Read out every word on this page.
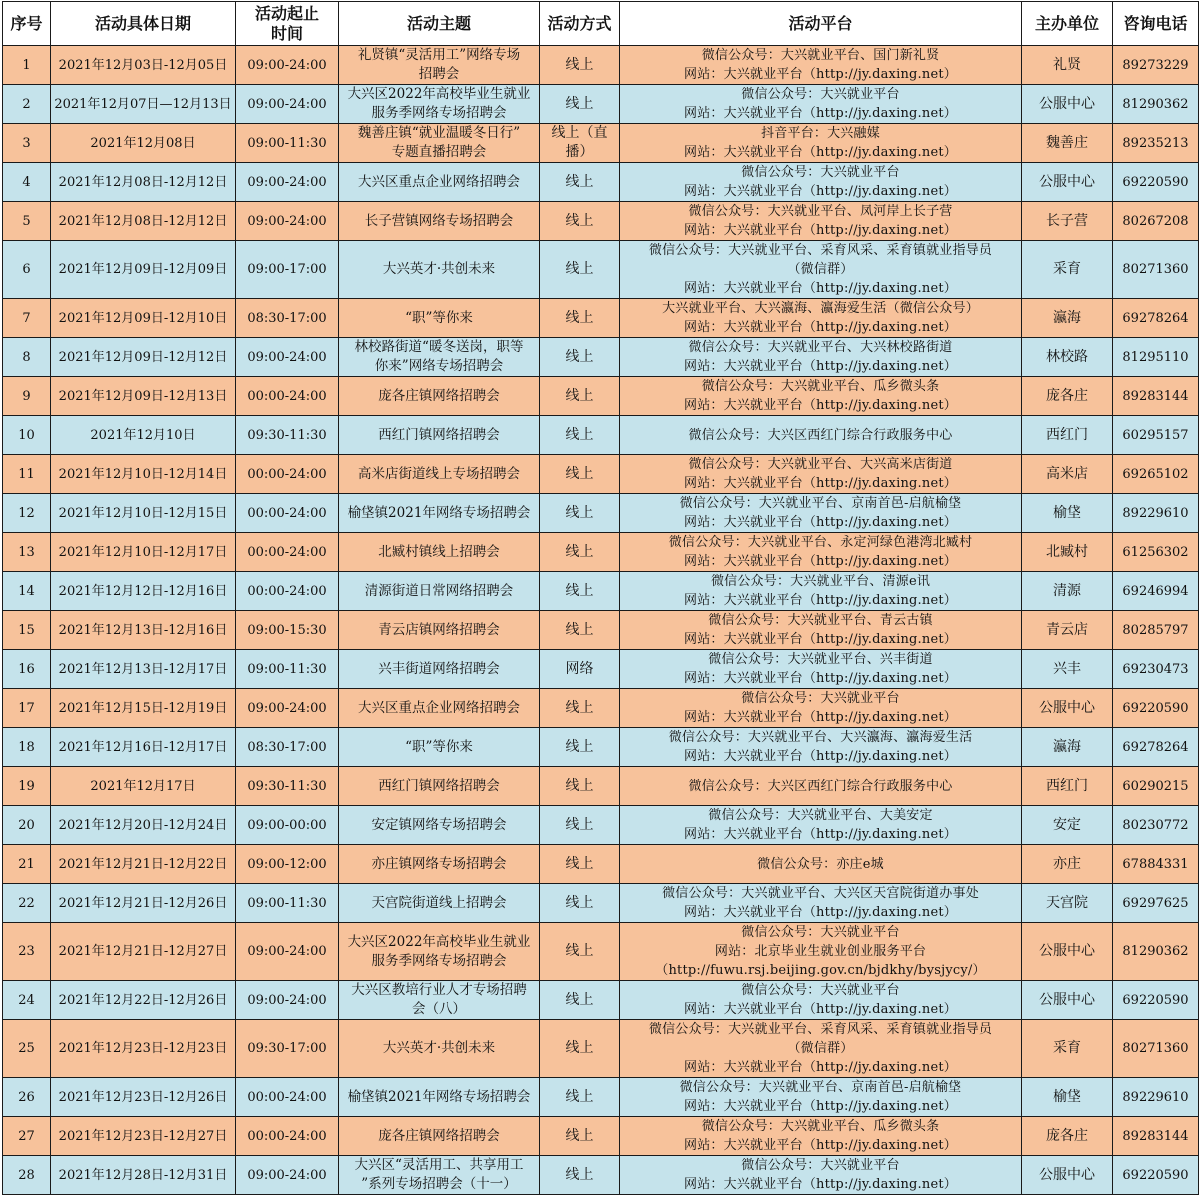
序号	活动具体日期	活动起止
时间	活动主题	活动方式	活动平台	主办单位	咨询电话
1	2021年12月03日-12月05日	09:00-24:00	礼贤镇“灵活用工”网络专场
招聘会	线上	微信公众号：大兴就业平台、国门新礼贤
网站：大兴就业平台（http://jy.daxing.net）	礼贤	89273229
2	2021年12月07日—12月13日	09:00-24:00	大兴区2022年高校毕业生就业
服务季网络专场招聘会	线上	微信公众号：大兴就业平台
网站：大兴就业平台（http://jy.daxing.net）	公服中心	81290362
3	2021年12月08日	09:00-11:30	魏善庄镇“就业温暖冬日行”
专题直播招聘会	线上（直
播）	抖音平台：大兴融媒
网站：大兴就业平台（http://jy.daxing.net）	魏善庄	89235213
4	2021年12月08日-12月12日	09:00-24:00	大兴区重点企业网络招聘会	线上	微信公众号：大兴就业平台
网站：大兴就业平台（http://jy.daxing.net）	公服中心	69220590
5	2021年12月08日-12月12日	09:00-24:00	长子营镇网络专场招聘会	线上	微信公众号：大兴就业平台、凤河岸上长子营
网站：大兴就业平台（http://jy.daxing.net）	长子营	80267208
6	2021年12月09日-12月09日	09:00-17:00	大兴英才·共创未来	线上	微信公众号：大兴就业平台、采育风采、采育镇就业指导员
（微信群）
网站：大兴就业平台（http://jy.daxing.net）	采育	80271360
7	2021年12月09日-12月10日	08:30-17:00	“职”等你来	线上	大兴就业平台、大兴瀛海、瀛海爱生活（微信公众号）
网站：大兴就业平台（http://jy.daxing.net）	瀛海	69278264
8	2021年12月09日-12月12日	09:00-24:00	林校路街道“暖冬送岗，职等
你来”网络专场招聘会	线上	微信公众号：大兴就业平台、大兴林校路街道
网站：大兴就业平台（http://jy.daxing.net）	林校路	81295110
9	2021年12月09日-12月13日	00:00-24:00	庞各庄镇网络招聘会	线上	微信公众号：大兴就业平台、瓜乡微头条
网站：大兴就业平台（http://jy.daxing.net）	庞各庄	89283144
10	2021年12月10日	09:30-11:30	西红门镇网络招聘会	线上	微信公众号：大兴区西红门综合行政服务中心	西红门	60295157
11	2021年12月10日-12月14日	00:00-24:00	高米店街道线上专场招聘会	线上	微信公众号：大兴就业平台、大兴高米店街道
网站：大兴就业平台（http://jy.daxing.net）	高米店	69265102
12	2021年12月10日-12月15日	00:00-24:00	榆垡镇2021年网络专场招聘会	线上	微信公众号：大兴就业平台、京南首邑-启航榆垡
网站：大兴就业平台（http://jy.daxing.net）	榆垡	89229610
13	2021年12月10日-12月17日	00:00-24:00	北臧村镇线上招聘会	线上	微信公众号：大兴就业平台、永定河绿色港湾北臧村
网站：大兴就业平台（http://jy.daxing.net）	北臧村	61256302
14	2021年12月12日-12月16日	00:00-24:00	清源街道日常网络招聘会	线上	微信公众号：大兴就业平台、清源e讯
网站：大兴就业平台（http://jy.daxing.net）	清源	69246994
15	2021年12月13日-12月16日	09:00-15:30	青云店镇网络招聘会	线上	微信公众号：大兴就业平台、青云古镇
网站：大兴就业平台（http://jy.daxing.net）	青云店	80285797
16	2021年12月13日-12月17日	09:00-11:30	兴丰街道网络招聘会	网络	微信公众号：大兴就业平台、兴丰街道
网站：大兴就业平台（http://jy.daxing.net）	兴丰	69230473
17	2021年12月15日-12月19日	09:00-24:00	大兴区重点企业网络招聘会	线上	微信公众号：大兴就业平台
网站：大兴就业平台（http://jy.daxing.net）	公服中心	69220590
18	2021年12月16日-12月17日	08:30-17:00	“职”等你来	线上	微信公众号：大兴就业平台、大兴瀛海、瀛海爱生活
网站：大兴就业平台（http://jy.daxing.net）	瀛海	69278264
19	2021年12月17日	09:30-11:30	西红门镇网络招聘会	线上	微信公众号：大兴区西红门综合行政服务中心	西红门	60290215
20	2021年12月20日-12月24日	09:00-00:00	安定镇网络专场招聘会	线上	微信公众号：大兴就业平台、大美安定
网站：大兴就业平台（http://jy.daxing.net）	安定	80230772
21	2021年12月21日-12月22日	09:00-12:00	亦庄镇网络专场招聘会	线上	微信公众号：亦庄e城	亦庄	67884331
22	2021年12月21日-12月26日	09:00-11:30	天宫院街道线上招聘会	线上	微信公众号：大兴就业平台、大兴区天宫院街道办事处
网站：大兴就业平台（http://jy.daxing.net）	天宫院	69297625
23	2021年12月21日-12月27日	09:00-24:00	大兴区2022年高校毕业生就业
服务季网络专场招聘会	线上	微信公众号：大兴就业平台
网站：北京毕业生就业创业服务平台
（http://fuwu.rsj.beijing.gov.cn/bjdkhy/bysjycy/）	公服中心	81290362
24	2021年12月22日-12月26日	09:00-24:00	大兴区教培行业人才专场招聘
会（八）	线上	微信公众号：大兴就业平台
网站：大兴就业平台（http://jy.daxing.net）	公服中心	69220590
25	2021年12月23日-12月23日	09:30-17:00	大兴英才·共创未来	线上	微信公众号：大兴就业平台、采育风采、采育镇就业指导员
（微信群）
网站：大兴就业平台（http://jy.daxing.net）	采育	80271360
26	2021年12月23日-12月26日	00:00-24:00	榆垡镇2021年网络专场招聘会	线上	微信公众号：大兴就业平台、京南首邑-启航榆垡
网站：大兴就业平台（http://jy.daxing.net）	榆垡	89229610
27	2021年12月23日-12月27日	00:00-24:00	庞各庄镇网络招聘会	线上	微信公众号：大兴就业平台、瓜乡微头条
网站：大兴就业平台（http://jy.daxing.net）	庞各庄	89283144
28	2021年12月28日-12月31日	09:00-24:00	大兴区“灵活用工、共享用工
”系列专场招聘会（十一）	线上	微信公众号：大兴就业平台
网站：大兴就业平台（http://jy.daxing.net）	公服中心	69220590
